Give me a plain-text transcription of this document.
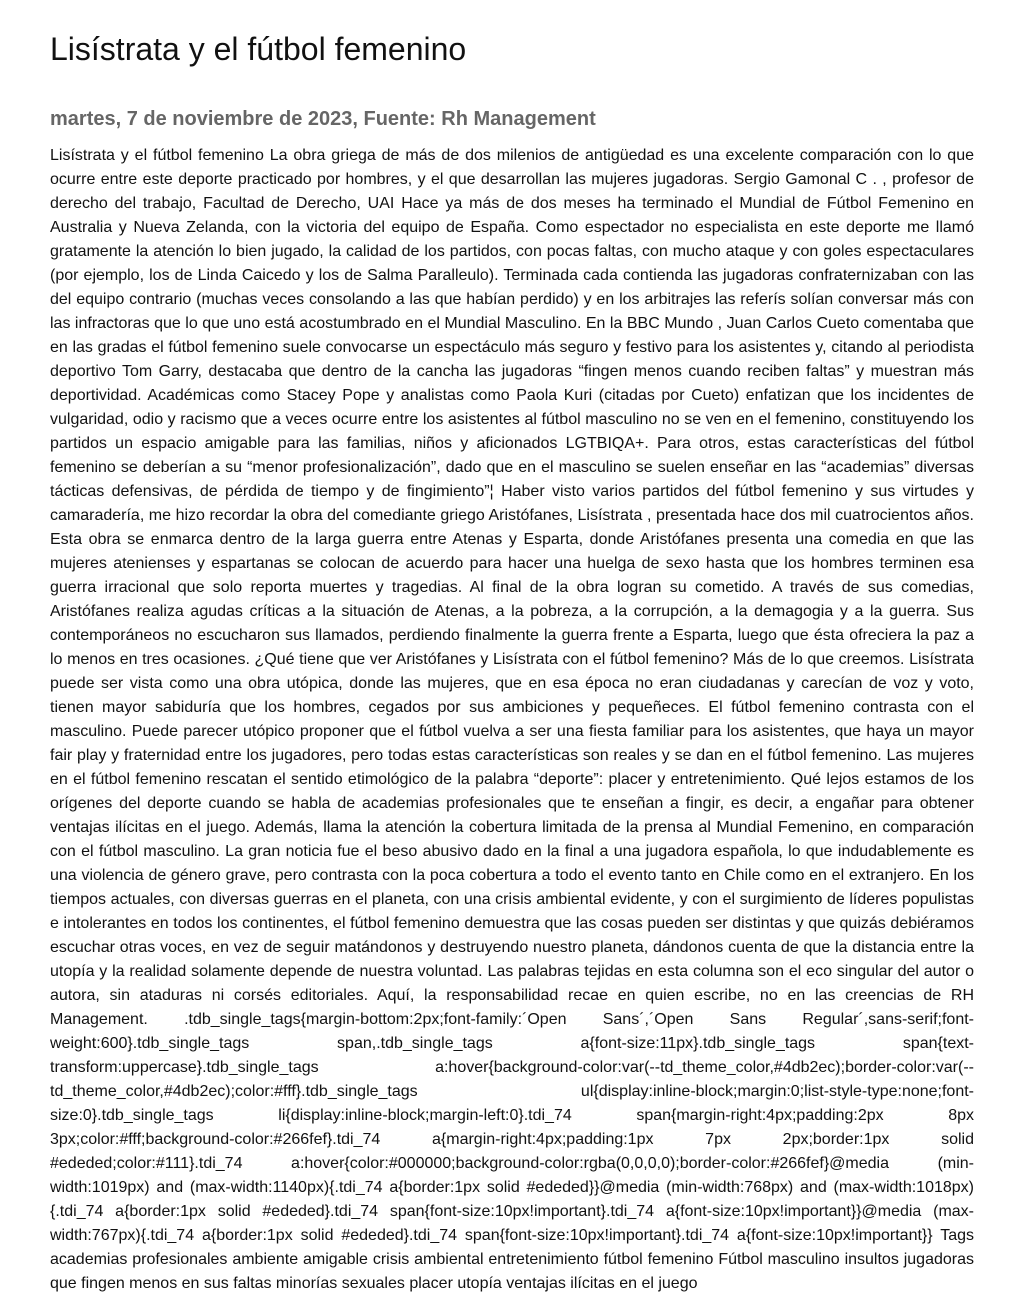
Lisístrata y el fútbol femenino
martes, 7 de noviembre de 2023, Fuente: Rh Management

Lisístrata y el fútbol femenino La obra griega de más de dos milenios de antigüedad es una excelente comparación con lo que ocurre entre este deporte practicado por hombres, y el que desarrollan las mujeres jugadoras. Sergio Gamonal C . , profesor de derecho del trabajo, Facultad de Derecho, UAI Hace ya más de dos meses ha terminado el Mundial de Fútbol Femenino en Australia y Nueva Zelanda, con la victoria del equipo de España. Como espectador no especialista en este deporte me llamó gratamente la atención lo bien jugado, la calidad de los partidos, con pocas faltas, con mucho ataque y con goles espectaculares (por ejemplo, los de Linda Caicedo y los de Salma Paralleulo). Terminada cada contienda las jugadoras confraternizaban con las del equipo contrario (muchas veces consolando a las que habían perdido) y en los arbitrajes las referís solían conversar más con las infractoras que lo que uno está acostumbrado en el Mundial Masculino. En la BBC Mundo , Juan Carlos Cueto comentaba que en las gradas el fútbol femenino suele convocarse un espectáculo más seguro y festivo para los asistentes y, citando al periodista deportivo Tom Garry, destacaba que dentro de la cancha las jugadoras “fingen menos cuando reciben faltas” y muestran más deportividad. Académicas como Stacey Pope y analistas como Paola Kuri (citadas por Cueto) enfatizan que los incidentes de vulgaridad, odio y racismo que a veces ocurre entre los asistentes al fútbol masculino no se ven en el femenino, constituyendo los partidos un espacio amigable para las familias, niños y aficionados LGTBIQA+. Para otros, estas características del fútbol femenino se deberían a su “menor profesionalización”, dado que en el masculino se suelen enseñar en las “academias” diversas tácticas defensivas, de pérdida de tiempo y de fingimiento”¦ Haber visto varios partidos del fútbol femenino y sus virtudes y camaradería, me hizo recordar la obra del comediante griego Aristófanes, Lisístrata , presentada hace dos mil cuatrocientos años. Esta obra se enmarca dentro de la larga guerra entre Atenas y Esparta, donde Aristófanes presenta una comedia en que las mujeres atenienses y espartanas se colocan de acuerdo para hacer una huelga de sexo hasta que los hombres terminen esa guerra irracional que solo reporta muertes y tragedias. Al final de la obra logran su cometido. A través de sus comedias, Aristófanes realiza agudas críticas a la situación de Atenas, a la pobreza, a la corrupción, a la demagogia y a la guerra. Sus contemporáneos no escucharon sus llamados, perdiendo finalmente la guerra frente a Esparta, luego que ésta ofreciera la paz a lo menos en tres ocasiones. ¿Qué tiene que ver Aristófanes y Lisístrata con el fútbol femenino? Más de lo que creemos. Lisístrata puede ser vista como una obra utópica, donde las mujeres, que en esa época no eran ciudadanas y carecían de voz y voto, tienen mayor sabiduría que los hombres, cegados por sus ambiciones y pequeñeces. El fútbol femenino contrasta con el masculino. Puede parecer utópico proponer que el fútbol vuelva a ser una fiesta familiar para los asistentes, que haya un mayor fair play y fraternidad entre los jugadores, pero todas estas características son reales y se dan en el fútbol femenino. Las mujeres en el fútbol femenino rescatan el sentido etimológico de la palabra “deporte”: placer y entretenimiento. Qué lejos estamos de los orígenes del deporte cuando se habla de academias profesionales que te enseñan a fingir, es decir, a engañar para obtener ventajas ilícitas en el juego. Además, llama la atención la cobertura limitada de la prensa al Mundial Femenino, en comparación con el fútbol masculino. La gran noticia fue el beso abusivo dado en la final a una jugadora española, lo que indudablemente es una violencia de género grave, pero contrasta con la poca cobertura a todo el evento tanto en Chile como en el extranjero. En los tiempos actuales, con diversas guerras en el planeta, con una crisis ambiental evidente, y con el surgimiento de líderes populistas e intolerantes en todos los continentes, el fútbol femenino demuestra que las cosas pueden ser distintas y que quizás debiéramos escuchar otras voces, en vez de seguir matándonos y destruyendo nuestro planeta, dándonos cuenta de que la distancia entre la utopía y la realidad solamente depende de nuestra voluntad. Las palabras tejidas en esta columna son el eco singular del autor o autora, sin ataduras ni corsés editoriales. Aquí, la responsabilidad recae en quien escribe, no en las creencias de RH Management. .tdb_single_tags{margin-bottom:2px;font-family:´Open Sans´,´Open Sans Regular´,sans-serif;font-weight:600}.tdb_single_tags span,.tdb_single_tags a{font-size:11px}.tdb_single_tags span{text-transform:uppercase}.tdb_single_tags a:hover{background-color:var(--td_theme_color,#4db2ec);border-color:var(--td_theme_color,#4db2ec);color:#fff}.tdb_single_tags ul{display:inline-block;margin:0;list-style-type:none;font-size:0}.tdb_single_tags li{display:inline-block;margin-left:0}.tdi_74 span{margin-right:4px;padding:2px 8px 3px;color:#fff;background-color:#266fef}.tdi_74 a{margin-right:4px;padding:1px 7px 2px;border:1px solid #ededed;color:#111}.tdi_74 a:hover{color:#000000;background-color:rgba(0,0,0,0);border-color:#266fef}@media (min-width:1019px) and (max-width:1140px){.tdi_74 a{border:1px solid #ededed}}@media (min-width:768px) and (max-width:1018px) {.tdi_74 a{border:1px solid #ededed}.tdi_74 span{font-size:10px!important}.tdi_74 a{font-size:10px!important}}@media (max-width:767px){.tdi_74 a{border:1px solid #ededed}.tdi_74 span{font-size:10px!important}.tdi_74 a{font-size:10px!important}} Tags academias profesionales ambiente amigable crisis ambiental entretenimiento fútbol femenino Fútbol masculino insultos jugadoras que fingen menos en sus faltas minorías sexuales placer utopía ventajas ilícitas en el juego
